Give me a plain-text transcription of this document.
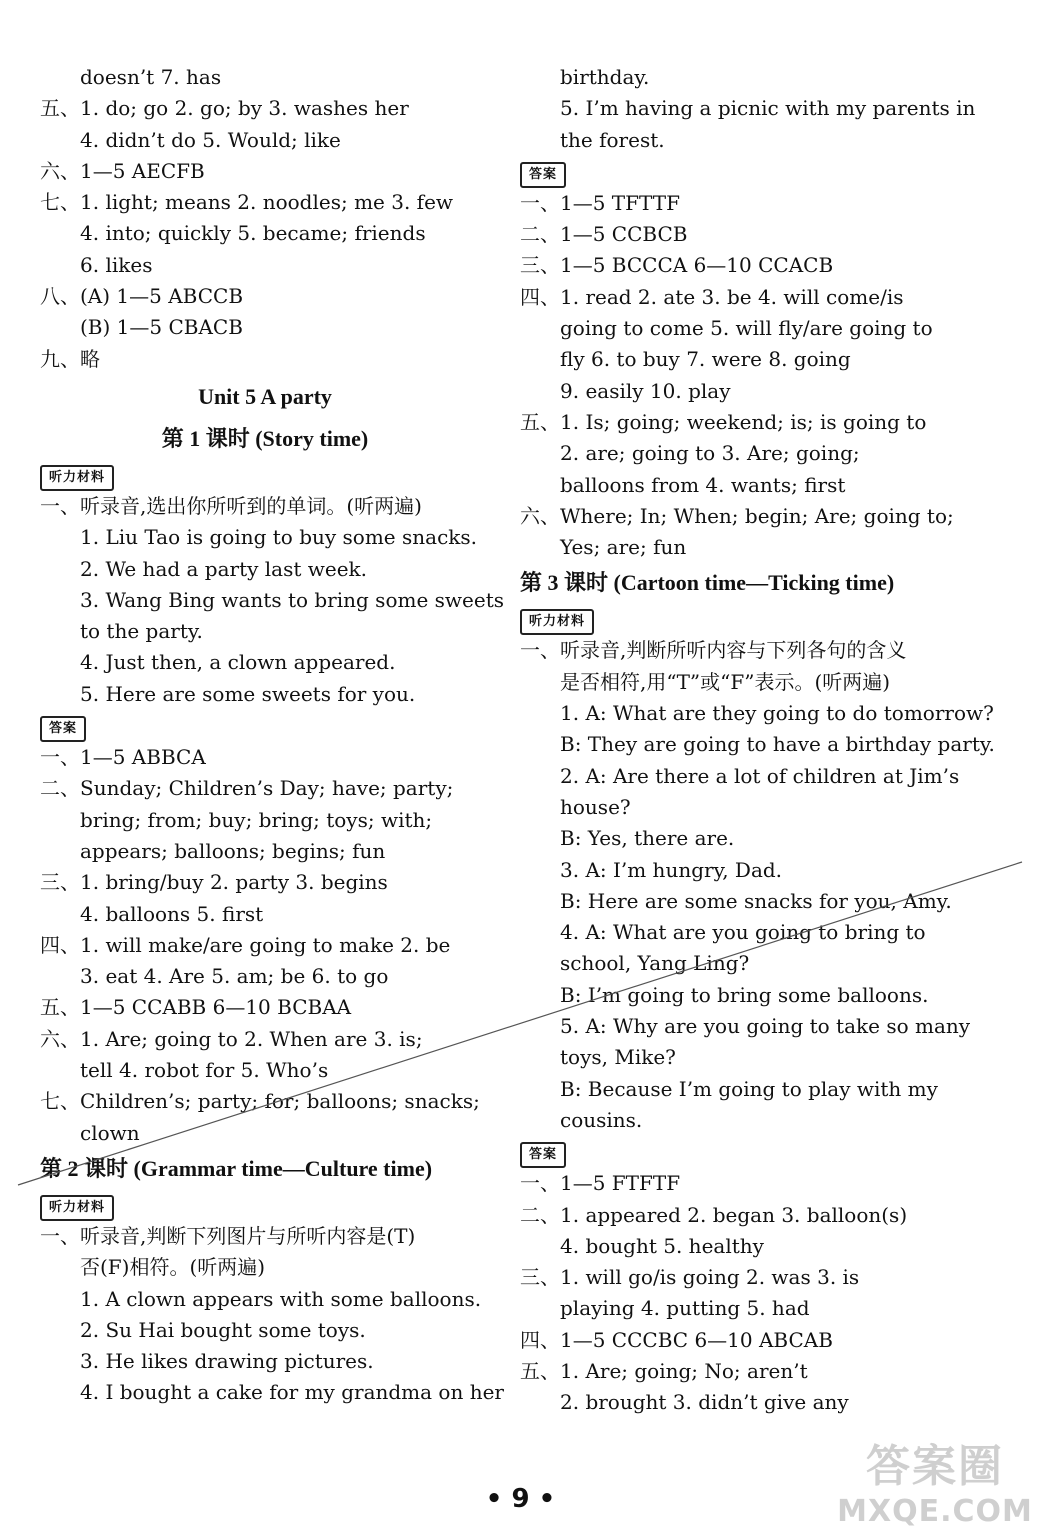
doesn’t 7. has
五、1. do; go 2. go; by 3. washes her
4. didn’t do 5. Would; like
六、1—5 AECFB
七、1. light; means 2. noodles; me 3. few
4. into; quickly 5. became; friends
6. likes
八、(A) 1—5 ABCCB
(B) 1—5 CBACB
九、略
Unit 5 A party
第 1 课时 (Story time)
听力材料
一、听录音,选出你所听到的单词。(听两遍)
1. Liu Tao is going to buy some snacks.
2. We had a party last week.
3. Wang Bing wants to bring some sweets
to the party.
4. Just then, a clown appeared.
5. Here are some sweets for you.
答案
一、1—5 ABBCA
二、Sunday; Children’s Day; have; party;
bring; from; buy; bring; toys; with;
appears; balloons; begins; fun
三、1. bring/buy 2. party 3. begins
4. balloons 5. first
四、1. will make/are going to make 2. be
3. eat 4. Are 5. am; be 6. to go
五、1—5 CCABB 6—10 BCBAA
六、1. Are; going to 2. When are 3. is;
tell 4. robot for 5. Who’s
七、Children’s; party; for; balloons; snacks;
clown
第 2 课时 (Grammar time—Culture time)
听力材料
一、听录音,判断下列图片与所听内容是(T)
否(F)相符。(听两遍)
1. A clown appears with some balloons.
2. Su Hai bought some toys.
3. He likes drawing pictures.
4. I bought a cake for my grandma on her
birthday.
5. I’m having a picnic with my parents in
the forest.
答案
一、1—5 TFTTF
二、1—5 CCBCB
三、1—5 BCCCA 6—10 CCACB
四、1. read 2. ate 3. be 4. will come/is
going to come 5. will fly/are going to
fly 6. to buy 7. were 8. going
9. easily 10. play
五、1. Is; going; weekend; is; is going to
2. are; going to 3. Are; going;
balloons from 4. wants; first
六、Where; In; When; begin; Are; going to;
Yes; are; fun
第 3 课时 (Cartoon time—Ticking time)
听力材料
一、听录音,判断所听内容与下列各句的含义
是否相符,用“T”或“F”表示。(听两遍)
1. A: What are they going to do tomorrow?
B: They are going to have a birthday party.
2. A: Are there a lot of children at Jim’s
house?
B: Yes, there are.
3. A: I’m hungry, Dad.
B: Here are some snacks for you, Amy.
4. A: What are you going to bring to
school, Yang Ling?
B: I’m going to bring some balloons.
5. A: Why are you going to take so many
toys, Mike?
B: Because I’m going to play with my
cousins.
答案
一、1—5 FTFTF
二、1. appeared 2. began 3. balloon(s)
4. bought 5. healthy
三、1. will go/is going 2. was 3. is
playing 4. putting 5. had
四、1—5 CCCBC 6—10 ABCAB
五、1. Are; going; No; aren’t
2. brought 3. didn’t give any
• 9 •
答案圈
MXQE.COM
